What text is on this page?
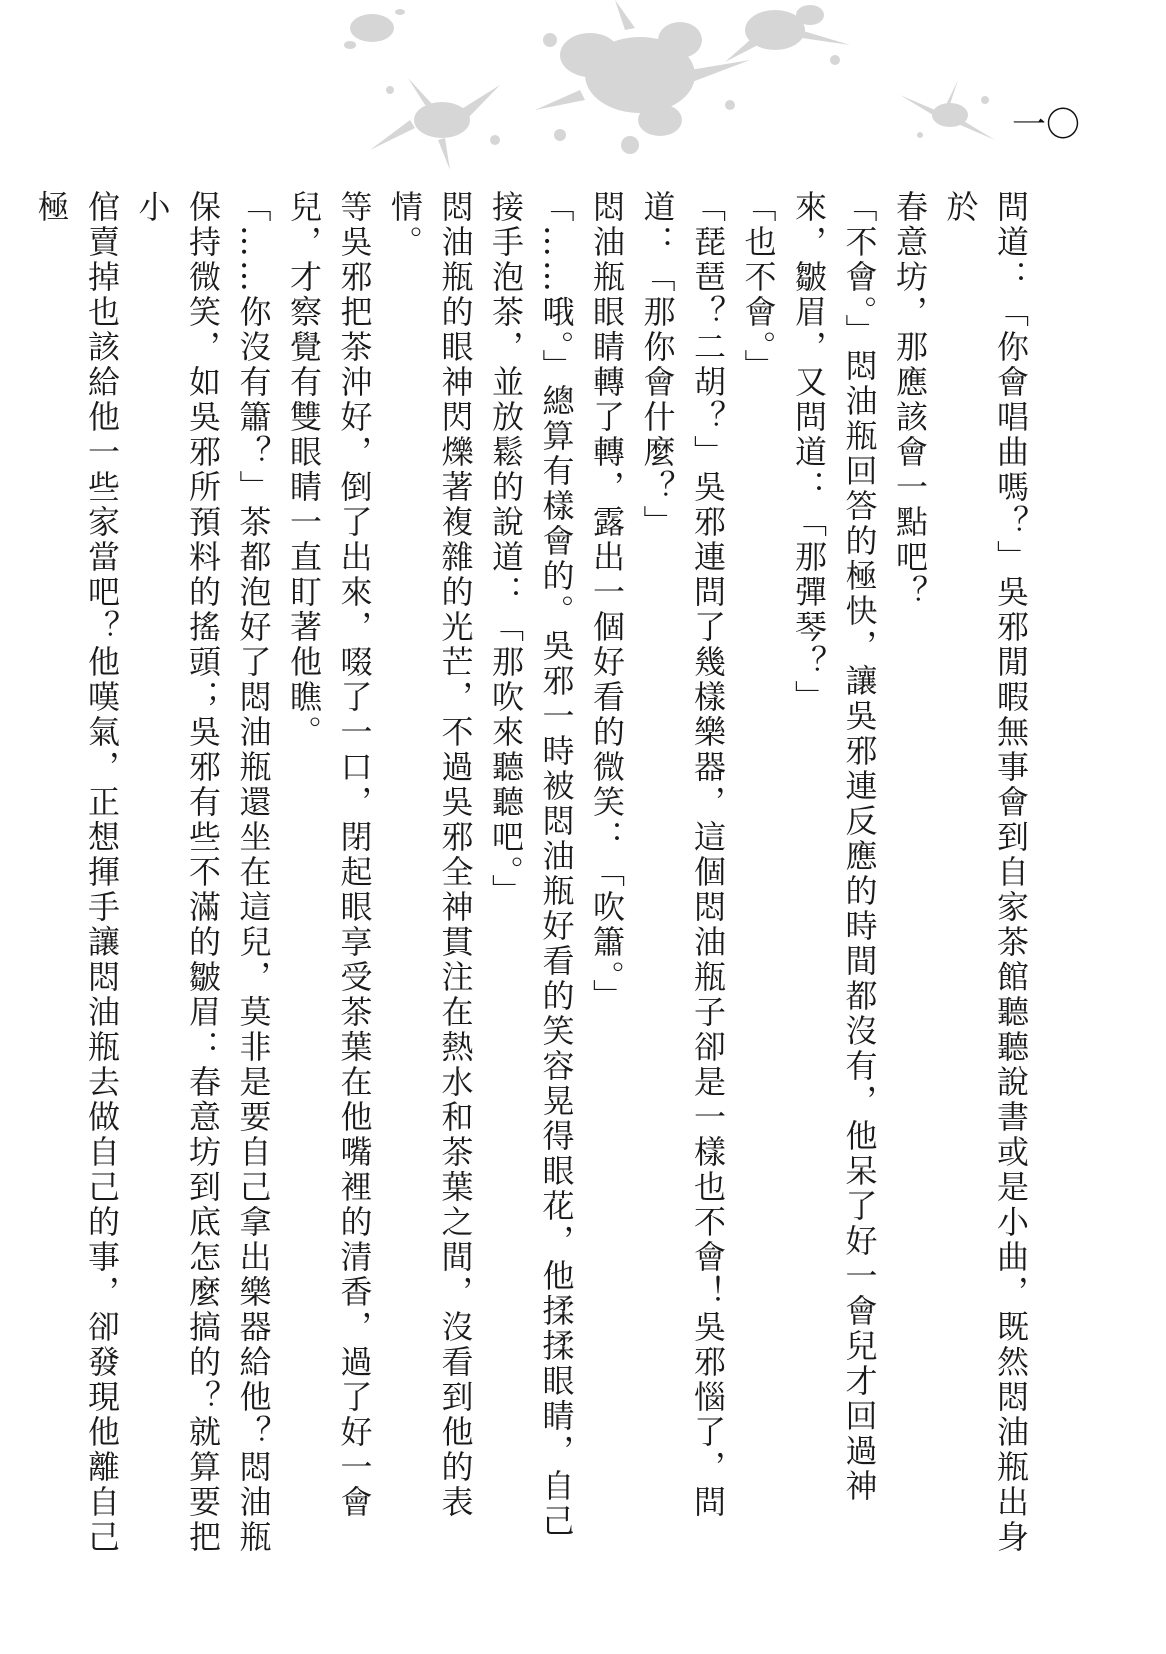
一 〇
問道：「你會唱曲嗎？」吳邪閒暇無事會到自家茶館聽聽說書或是小曲，既然悶油瓶出身於
春意坊，那應該會一點吧？
「不會。」悶油瓶回答的極快，讓吳邪連反應的時間都沒有，他呆了好一會兒才回過神
來，皺眉，又問道：「那彈琴？」
「也不會。」
「琵琶？二胡？」吳邪連問了幾樣樂器，這個悶油瓶子卻是一樣也不會！吳邪惱了，問
道：「那你會什麼？」
悶油瓶眼睛轉了轉，露出一個好看的微笑：「吹簫。」
「……哦。」總算有樣會的。吳邪一時被悶油瓶好看的笑容晃得眼花，他揉揉眼睛，自己
接手泡茶，並放鬆的說道：「那吹來聽聽吧。」
悶油瓶的眼神閃爍著複雜的光芒，不過吳邪全神貫注在熱水和茶葉之間，沒看到他的表
情。
等吳邪把茶沖好，倒了出來，啜了一口，閉起眼享受茶葉在他嘴裡的清香，過了好一會
兒，才察覺有雙眼睛一直盯著他瞧。
「……你沒有簫？」茶都泡好了悶油瓶還坐在這兒，莫非是要自己拿出樂器給他？悶油瓶
保持微笑，如吳邪所預料的搖頭；吳邪有些不滿的皺眉：春意坊到底怎麼搞的？就算要把小
倌賣掉也該給他一些家當吧？他嘆氣，正想揮手讓悶油瓶去做自己的事，卻發現他離自己極
